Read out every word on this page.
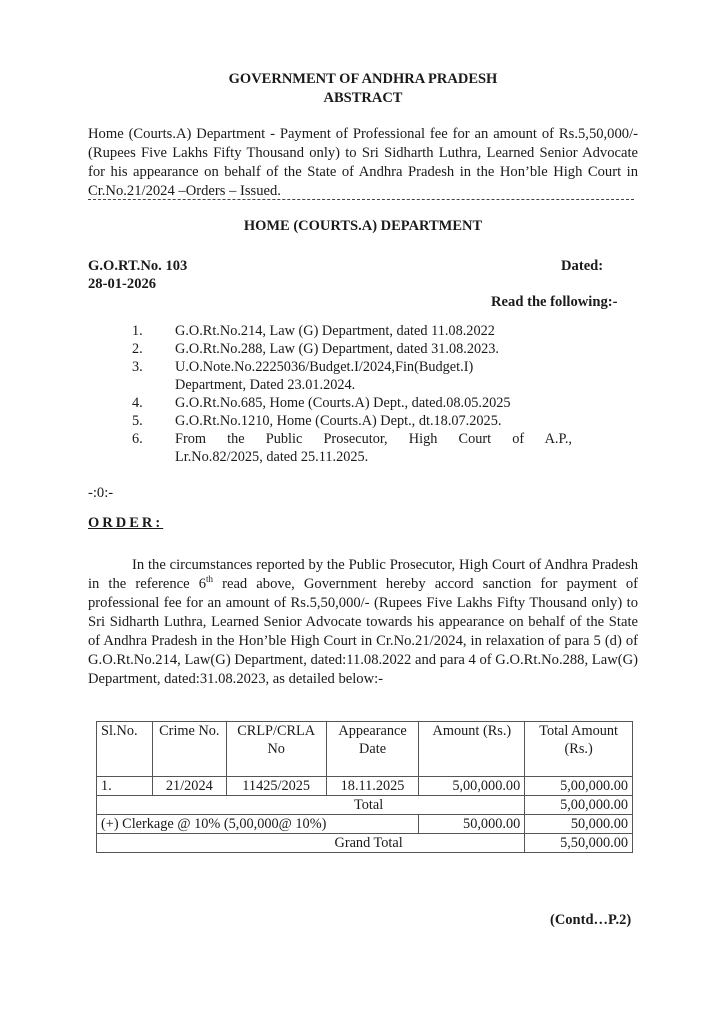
GOVERNMENT OF ANDHRA PRADESH
ABSTRACT
Home (Courts.A) Department - Payment of Professional fee for an amount of Rs.5,50,000/- (Rupees Five Lakhs Fifty Thousand only) to Sri Sidharth Luthra, Learned Senior Advocate for his appearance on behalf of the State of Andhra Pradesh in the Hon’ble High Court in Cr.No.21/2024 –Orders – Issued.
HOME (COURTS.A) DEPARTMENT
G.O.RT.No. 103	Dated:
28-01-2026
Read the following:-
1.	G.O.Rt.No.214, Law (G) Department, dated 11.08.2022
2.	G.O.Rt.No.288, Law (G) Department, dated 31.08.2023.
3.	U.O.Note.No.2225036/Budget.I/2024,Fin(Budget.I) Department, Dated 23.01.2024.
4.	G.O.Rt.No.685, Home (Courts.A) Dept., dated.08.05.2025
5.	G.O.Rt.No.1210, Home (Courts.A) Dept., dt.18.07.2025.
6.	From the Public Prosecutor, High Court of A.P.,
Lr.No.82/2025, dated 25.11.2025.
-:0:-
ORDER:
In the circumstances reported by the Public Prosecutor, High Court of Andhra Pradesh in the reference 6th read above, Government hereby accord sanction for payment of professional fee for an amount of Rs.5,50,000/- (Rupees Five Lakhs Fifty Thousand only) to Sri Sidharth Luthra, Learned Senior Advocate towards his appearance on behalf of the State of Andhra Pradesh in the Hon’ble High Court in Cr.No.21/2024, in relaxation of para 5 (d) of G.O.Rt.No.214, Law(G) Department, dated:11.08.2022 and para 4 of G.O.Rt.No.288, Law(G) Department, dated:31.08.2023, as detailed below:-
Sl.No.	Crime No.	CRLP/CRLA No	Appearance Date	Amount (Rs.)	Total Amount (Rs.)
1.	21/2024	11425/2025	18.11.2025	5,00,000.00	5,00,000.00
Total					5,00,000.00
(+) Clerkage @ 10% (5,00,000@ 10%)				50,000.00	50,000.00
Grand Total					5,50,000.00
(Contd…P.2)
